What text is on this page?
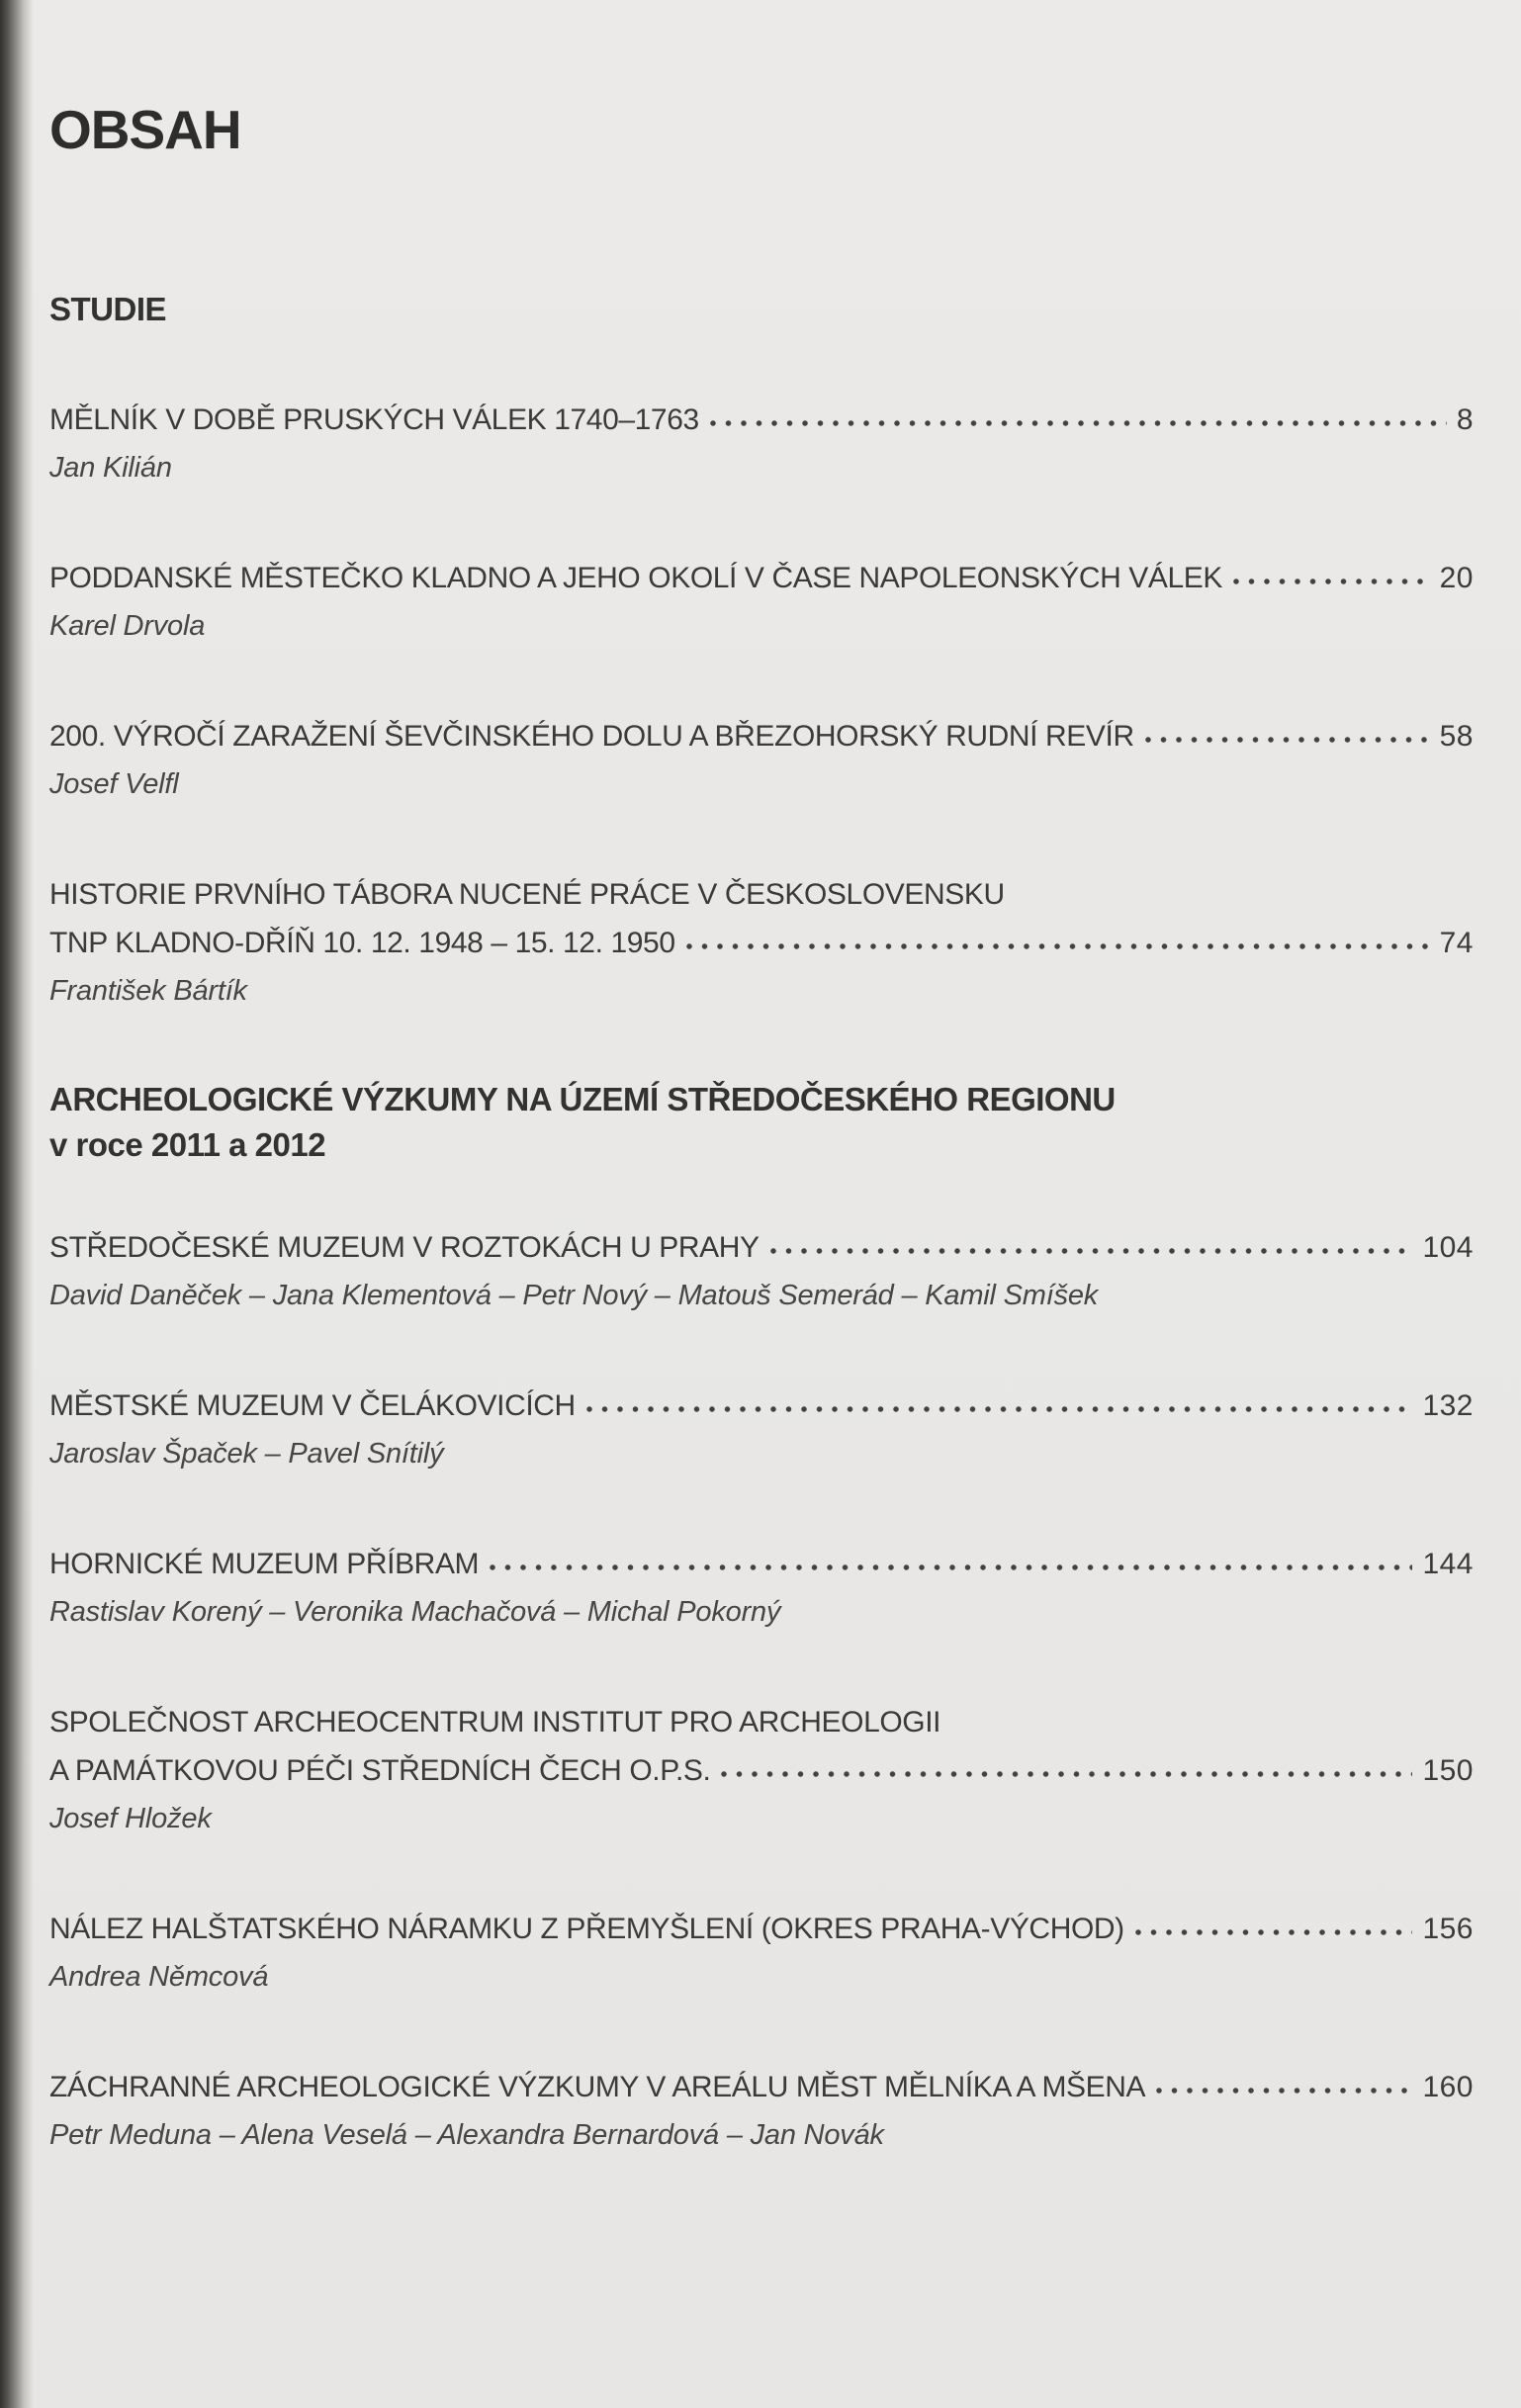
OBSAH
STUDIE
MĚLNÍK V DOBĚ PRUSKÝCH VÁLEK 1740–1763	8
Jan Kilián
PODDANSKÉ MĚSTEČKO KLADNO A JEHO OKOLÍ V ČASE NAPOLEONSKÝCH VÁLEK	20
Karel Drvola
200. VÝROČÍ ZARAŽENÍ ŠEVČINSKÉHO DOLU A BŘEZOHORSKÝ RUDNÍ REVÍR	58
Josef Velfl
HISTORIE PRVNÍHO TÁBORA NUCENÉ PRÁCE V ČESKOSLOVENSKU
TNP KLADNO-DŘÍŇ 10. 12. 1948 – 15. 12. 1950	74
František Bártík
ARCHEOLOGICKÉ VÝZKUMY NA ÚZEMÍ STŘEDOČESKÉHO REGIONU
v roce 2011 a 2012
STŘEDOČESKÉ MUZEUM V ROZTOKÁCH U PRAHY	104
David Daněček – Jana Klementová – Petr Nový – Matouš Semerád – Kamil Smíšek
MĚSTSKÉ MUZEUM V ČELÁKOVICÍCH	132
Jaroslav Špaček – Pavel Snítilý
HORNICKÉ MUZEUM PŘÍBRAM	144
Rastislav Korený – Veronika Machačová – Michal Pokorný
SPOLEČNOST ARCHEOCENTRUM INSTITUT PRO ARCHEOLOGII
A PAMÁTKOVOU PÉČI STŘEDNÍCH ČECH O.P.S.	150
Josef Hložek
NÁLEZ HALŠTATSKÉHO NÁRAMKU Z PŘEMYŠLENÍ (OKRES PRAHA-VÝCHOD)	156
Andrea Němcová
ZÁCHRANNÉ ARCHEOLOGICKÉ VÝZKUMY V AREÁLU MĚST MĚLNÍKA A MŠENA	160
Petr Meduna – Alena Veselá – Alexandra Bernardová – Jan Novák
